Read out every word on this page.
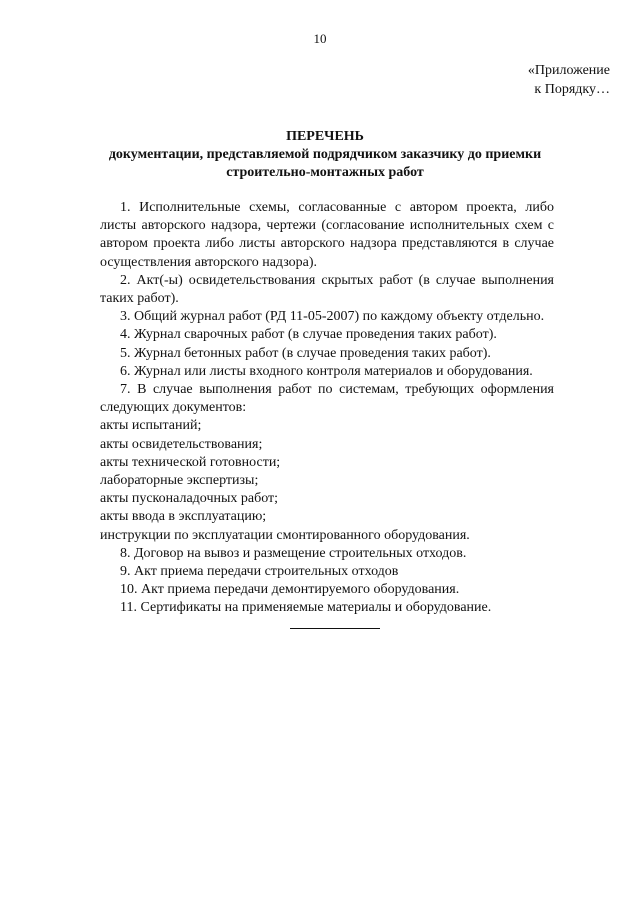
10
«Приложение
к Порядку…
ПЕРЕЧЕНЬ
документации, представляемой подрядчиком заказчику до приемки
строительно-монтажных работ

1. Исполнительные схемы, согласованные с автором проекта, либо листы авторского надзора, чертежи (согласование исполнительных схем с автором проекта либо листы авторского надзора представляются в случае осуществления авторского надзора).

2. Акт(-ы) освидетельствования скрытых работ (в случае выполнения таких работ).

3. Общий журнал работ (РД 11-05-2007) по каждому объекту отдельно.

4. Журнал сварочных работ (в случае проведения таких работ).

5. Журнал бетонных работ (в случае проведения таких работ).

6. Журнал или листы входного контроля материалов и оборудования.

7. В случае выполнения работ по системам, требующих оформления следующих документов:

акты испытаний;

акты освидетельствования;

акты технической готовности;

лабораторные экспертизы;

акты пусконаладочных работ;

акты ввода в эксплуатацию;

инструкции по эксплуатации смонтированного оборудования.

8. Договор на вывоз и размещение строительных отходов.

9. Акт приема передачи строительных отходов

10. Акт приема передачи демонтируемого оборудования.

11. Сертификаты на применяемые материалы и оборудование.
